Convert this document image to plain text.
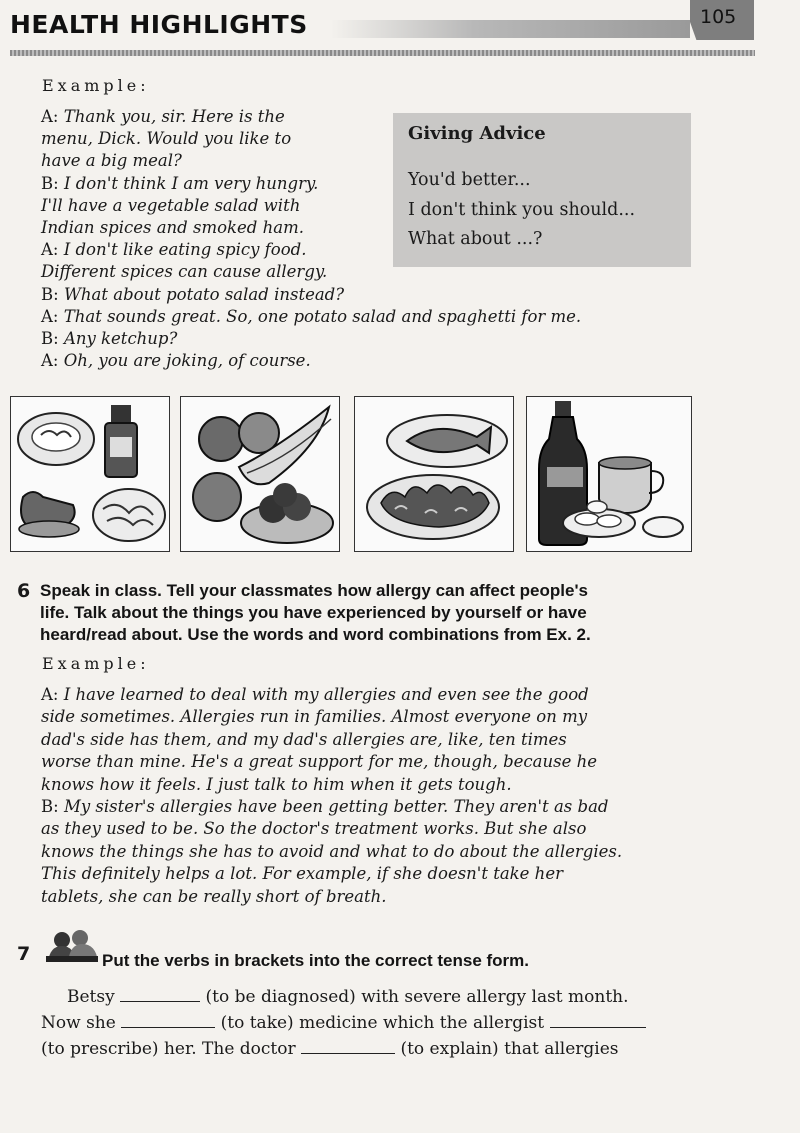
HEALTH HIGHLIGHTS	105
Example:
A: Thank you, sir. Here is the
menu, Dick. Would you like to
have a big meal?
B: I don't think I am very hungry.
I'll have a vegetable salad with
Indian spices and smoked ham.
A: I don't like eating spicy food.
Different spices can cause allergy.
B: What about potato salad instead?
A: That sounds great. So, one potato salad and spaghetti for me.
B: Any ketchup?
A: Oh, you are joking, of course.
Giving Advice
You'd better...
I don't think you should...
What about ...?
6 Speak in class. Tell your classmates how allergy can affect people's
life. Talk about the things you have experienced by yourself or have
heard/read about. Use the words and word combinations from Ex. 2.
Example:
A: I have learned to deal with my allergies and even see the good
side sometimes. Allergies run in families. Almost everyone on my
dad's side has them, and my dad's allergies are, like, ten times
worse than mine. He's a great support for me, though, because he
knows how it feels. I just talk to him when it gets tough.
B: My sister's allergies have been getting better. They aren't as bad
as they used to be. So the doctor's treatment works. But she also
knows the things she has to avoid and what to do about the allergies.
This definitely helps a lot. For example, if she doesn't take her
tablets, she can be really short of breath.
7	Put the verbs in brackets into the correct tense form.
Betsy	(to be diagnosed) with severe allergy last month.
Now she	(to take) medicine which the allergist
(to prescribe) her. The doctor	(to explain) that allergies
